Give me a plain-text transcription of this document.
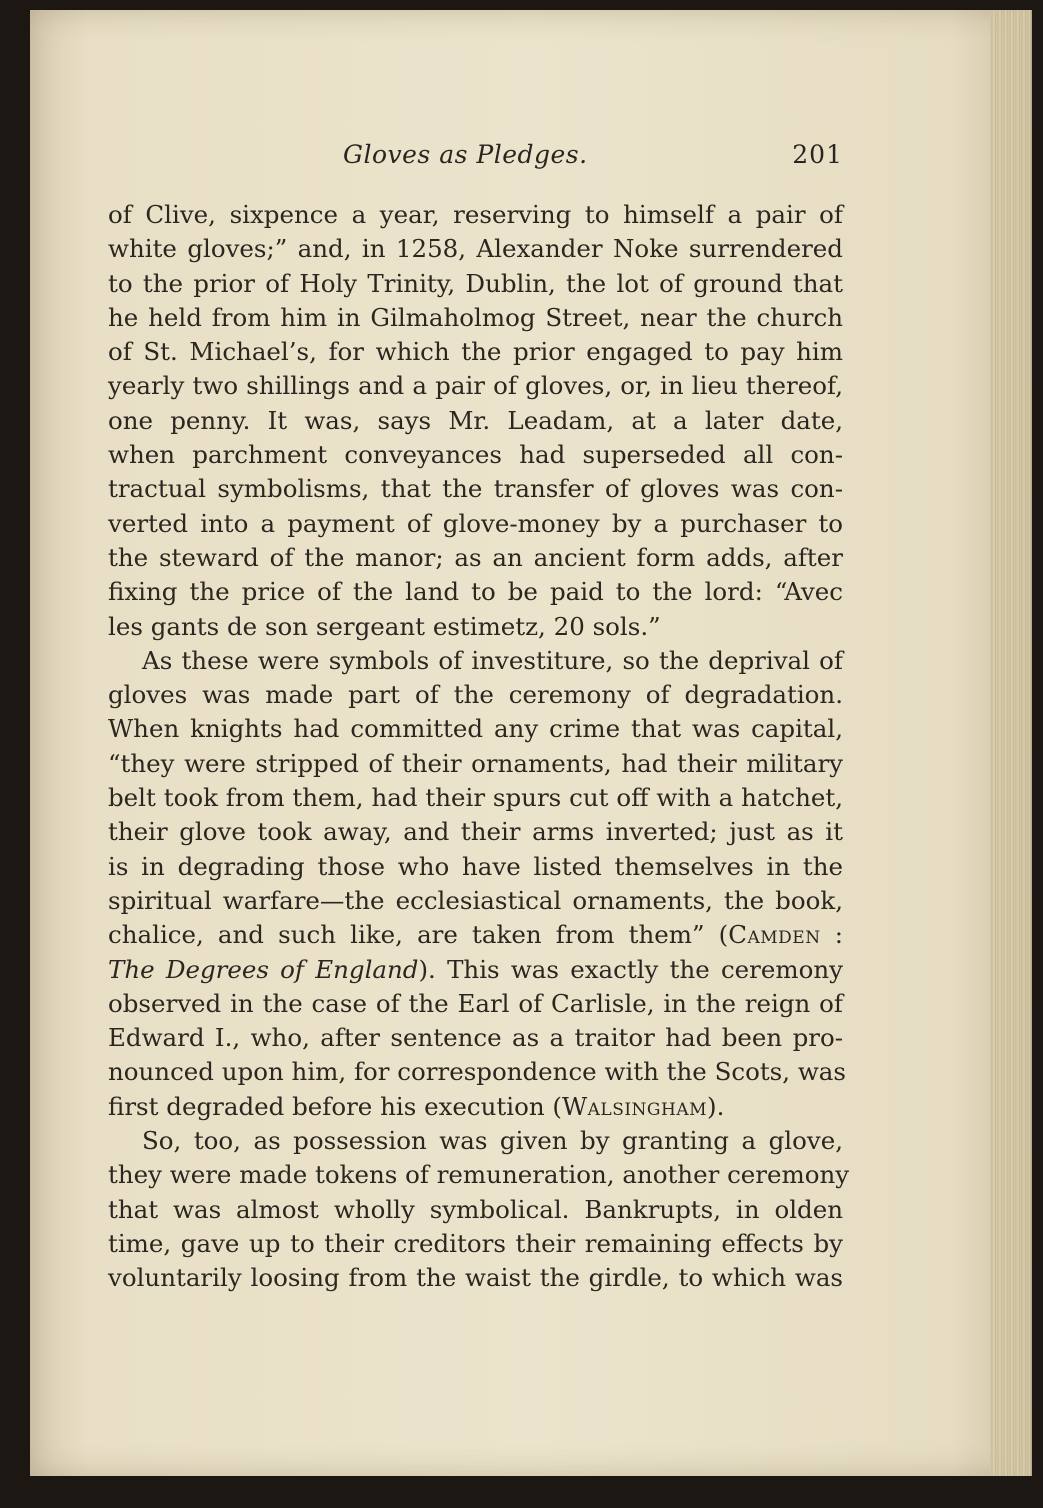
Gloves as Pledges.	201
of Clive, sixpence a year, reserving to himself a pair of
white gloves;” and, in 1258, Alexander Noke surrendered
to the prior of Holy Trinity, Dublin, the lot of ground that
he held from him in Gilmaholmog Street, near the church
of St. Michael’s, for which the prior engaged to pay him
yearly two shillings and a pair of gloves, or, in lieu thereof,
one penny. It was, says Mr. Leadam, at a later date,
when parchment conveyances had superseded all con-
tractual symbolisms, that the transfer of gloves was con-
verted into a payment of glove-money by a purchaser to
the steward of the manor; as an ancient form adds, after
fixing the price of the land to be paid to the lord: “Avec
les gants de son sergeant estimetz, 20 sols.”
As these were symbols of investiture, so the deprival of
gloves was made part of the ceremony of degradation.
When knights had committed any crime that was capital,
“they were stripped of their ornaments, had their military
belt took from them, had their spurs cut off with a hatchet,
their glove took away, and their arms inverted; just as it
is in degrading those who have listed themselves in the
spiritual warfare—the ecclesiastical ornaments, the book,
chalice, and such like, are taken from them” (Camden :
The Degrees of England). This was exactly the ceremony
observed in the case of the Earl of Carlisle, in the reign of
Edward I., who, after sentence as a traitor had been pro-
nounced upon him, for correspondence with the Scots, was
first degraded before his execution (Walsingham).
So, too, as possession was given by granting a glove,
they were made tokens of remuneration, another ceremony
that was almost wholly symbolical. Bankrupts, in olden
time, gave up to their creditors their remaining effects by
voluntarily loosing from the waist the girdle, to which was
